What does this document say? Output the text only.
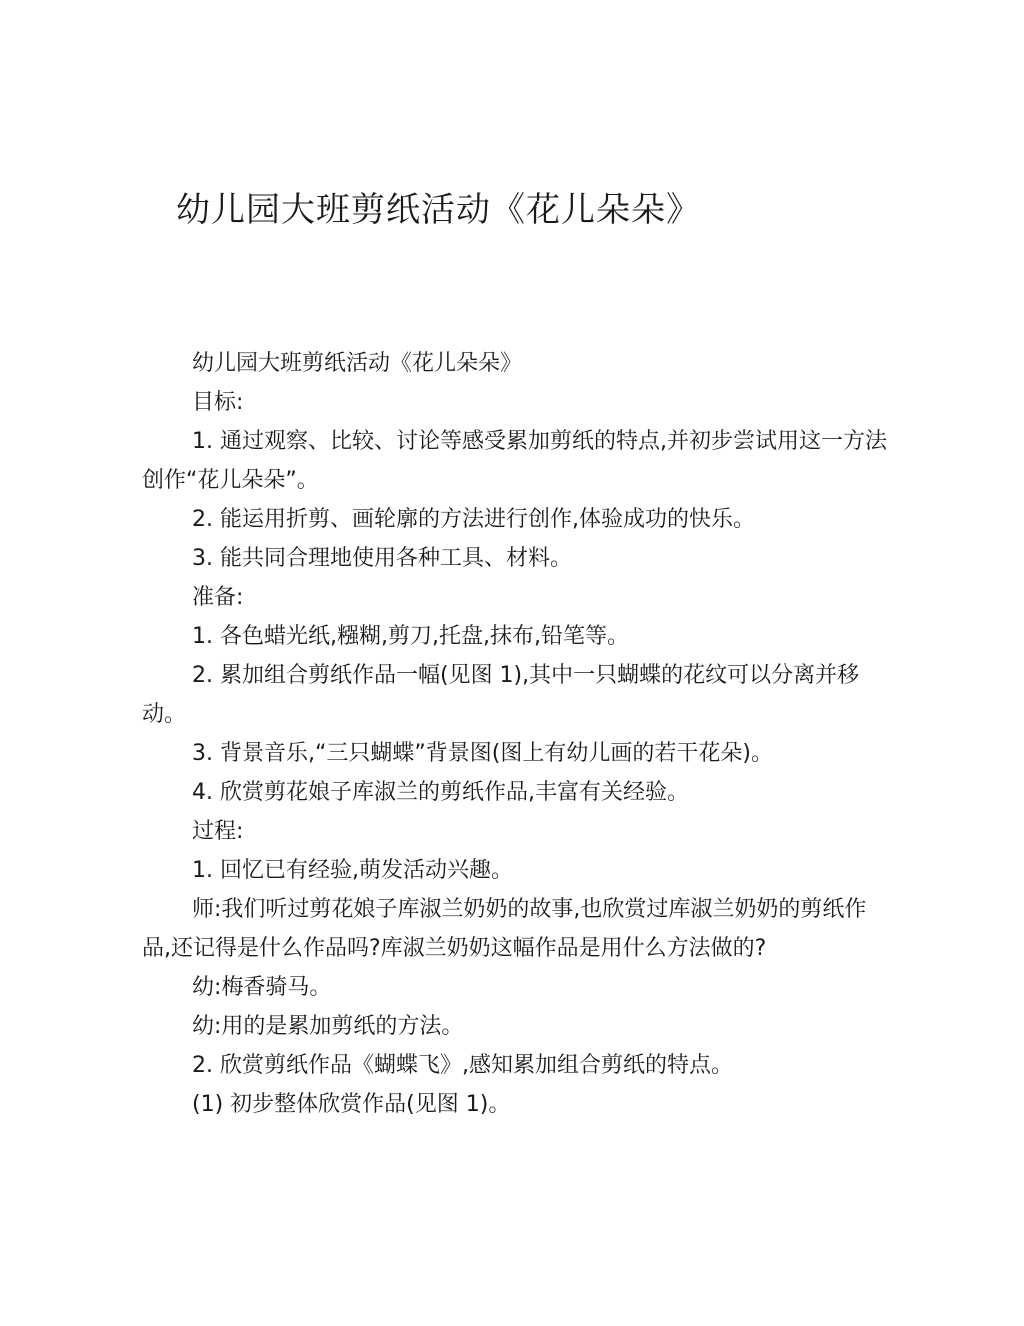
幼儿园大班剪纸活动《花儿朵朵》

幼儿园大班剪纸活动《花儿朵朵》

目标:

1. 通过观察、比较、讨论等感受累加剪纸的特点,并初步尝试用这一方法创作“花儿朵朵”。

2. 能运用折剪、画轮廓的方法进行创作,体验成功的快乐。

3. 能共同合理地使用各种工具、材料。

准备:

1. 各色蜡光纸,糨糊,剪刀,托盘,抹布,铅笔等。

2. 累加组合剪纸作品一幅(见图 1),其中一只蝴蝶的花纹可以分离并移动。

3. 背景音乐,“三只蝴蝶”背景图(图上有幼儿画的若干花朵)。

4. 欣赏剪花娘子库淑兰的剪纸作品,丰富有关经验。

过程:

1. 回忆已有经验,萌发活动兴趣。

师:我们听过剪花娘子库淑兰奶奶的故事,也欣赏过库淑兰奶奶的剪纸作品,还记得是什么作品吗?库淑兰奶奶这幅作品是用什么方法做的?

幼:梅香骑马。

幼:用的是累加剪纸的方法。

2. 欣赏剪纸作品《蝴蝶飞》,感知累加组合剪纸的特点。

(1) 初步整体欣赏作品(见图 1)。
